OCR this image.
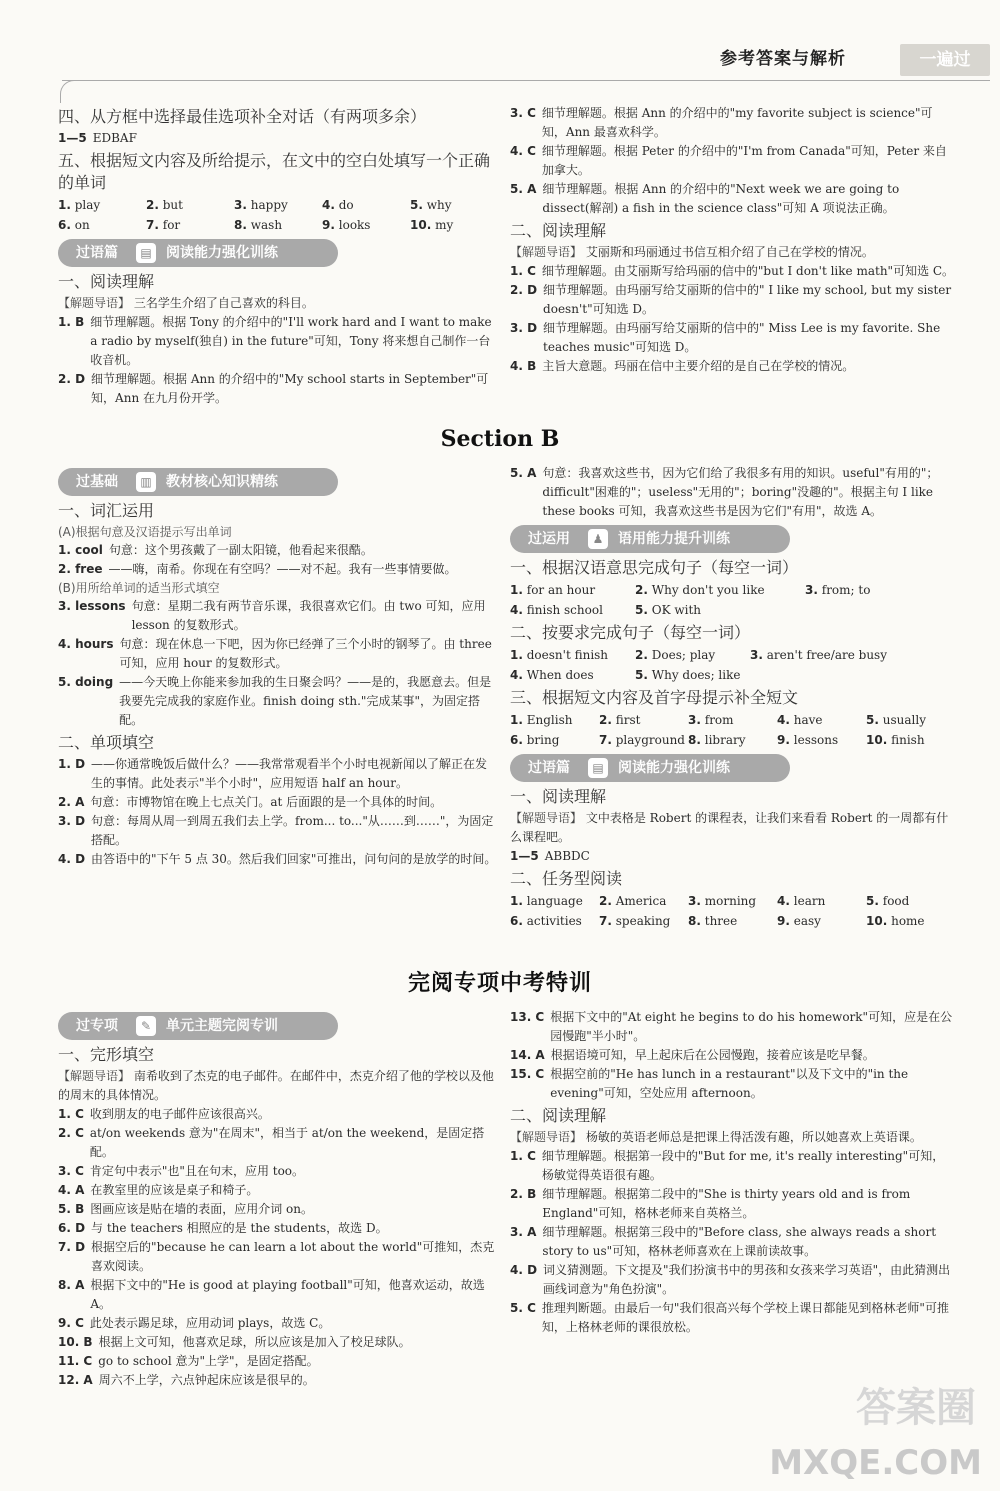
参考答案与解析	一遍过

四、从方框中选择最佳选项补全对话（有两项多余）

1—5 EDBAF

五、根据短文内容及所给提示，在文中的空白处填写一个正确的单词

1. play	2. but	3. happy	4. do	5. why
6. on	7. for	8. wash	9. looks	10. my
过语篇	▤	阅读能力强化训练

一、阅读理解

【解题导语】 三名学生介绍了自己喜欢的科目。

1. B 细节理解题。根据 Tony 的介绍中的"I'll work hard and I want to make a radio by myself(独自) in the future"可知，Tony 将来想自己制作一台收音机。
2. D 细节理解题。根据 Ann 的介绍中的"My school starts in September"可知，Ann 在九月份开学。
3. C 细节理解题。根据 Ann 的介绍中的"my favorite subject is science"可知，Ann 最喜欢科学。
4. C 细节理解题。根据 Peter 的介绍中的"I'm from Canada"可知，Peter 来自加拿大。
5. A 细节理解题。根据 Ann 的介绍中的"Next week we are going to dissect(解剖) a fish in the science class"可知 A 项说法正确。

二、阅读理解

【解题导语】 艾丽斯和玛丽通过书信互相介绍了自己在学校的情况。

1. C 细节理解题。由艾丽斯写给玛丽的信中的"but I don't like math"可知选 C。
2. D 细节理解题。由玛丽写给艾丽斯的信中的" I like my school, but my sister doesn't"可知选 D。
3. D 细节理解题。由玛丽写给艾丽斯的信中的" Miss Lee is my favorite. She teaches music"可知选 D。
4. B 主旨大意题。玛丽在信中主要介绍的是自己在学校的情况。
Section B
过基础	▥	教材核心知识精练

一、词汇运用

(A)根据句意及汉语提示写出单词

1. cool 句意：这个男孩戴了一副太阳镜，他看起来很酷。
2. free ——嗨，南希。你现在有空吗？——对不起。我有一些事情要做。

(B)用所给单词的适当形式填空

3. lessons 句意：星期二我有两节音乐课，我很喜欢它们。由 two 可知，应用 lesson 的复数形式。
4. hours 句意：现在休息一下吧，因为你已经弹了三个小时的钢琴了。由 three 可知，应用 hour 的复数形式。
5. doing ——今天晚上你能来参加我的生日聚会吗？——是的，我愿意去。但是我要先完成我的家庭作业。finish doing sth."完成某事"，为固定搭配。

二、单项填空

1. D ——你通常晚饭后做什么？——我常常观看半个小时电视新闻以了解正在发生的事情。此处表示"半个小时"，应用短语 half an hour。
2. A 句意：市博物馆在晚上七点关门。at 后面跟的是一个具体的时间。
3. D 句意：每周从周一到周五我们去上学。from... to..."从……到……"，为固定搭配。
4. D 由答语中的"下午 5 点 30。然后我们回家"可推出，问句问的是放学的时间。
5. A 句意：我喜欢这些书，因为它们给了我很多有用的知识。useful"有用的"；difficult"困难的"；useless"无用的"；boring"没趣的"。根据主句 I like these books 可知，我喜欢这些书是因为它们"有用"，故选 A。
过运用	♟	语用能力提升训练

一、根据汉语意思完成句子（每空一词）

1. for an hour	2. Why don't you like	3. from; to
4. finish school	5. OK with

二、按要求完成句子（每空一词）

1. doesn't finish	2. Does; play	3. aren't free/are busy
4. When does	5. Why does; like

三、根据短文内容及首字母提示补全短文

1. English	2. first	3. from	4. have	5. usually
6. bring	7. playground 8. library	9. lessons	10. finish
过语篇	▤	阅读能力强化训练

一、阅读理解

【解题导语】 文中表格是 Robert 的课程表，让我们来看看 Robert 的一周都有什么课程吧。

1—5 ABBDC

二、任务型阅读

1. language	2. America	3. morning	4. learn	5. food
6. activities	7. speaking	8. three	9. easy	10. home
完阅专项中考特训
过专项	✎	单元主题完阅专训

一、完形填空

【解题导语】 南希收到了杰克的电子邮件。在邮件中，杰克介绍了他的学校以及他的周末的具体情况。

1. C 收到朋友的电子邮件应该很高兴。
2. C at/on weekends 意为"在周末"，相当于 at/on the weekend，是固定搭配。
3. C 肯定句中表示"也"且在句末，应用 too。
4. A 在教室里的应该是桌子和椅子。
5. B 图画应该是贴在墙的表面，应用介词 on。
6. D 与 the teachers 相照应的是 the students，故选 D。
7. D 根据空后的"because he can learn a lot about the world"可推知，杰克喜欢阅读。
8. A 根据下文中的"He is good at playing football"可知，他喜欢运动，故选 A。
9. C 此处表示踢足球，应用动词 plays，故选 C。
10. B 根据上文可知，他喜欢足球，所以应该是加入了校足球队。
11. C go to school 意为"上学"，是固定搭配。
12. A 周六不上学，六点钟起床应该是很早的。
13. C 根据下文中的"At eight he begins to do his homework"可知，应是在公园慢跑"半小时"。
14. A 根据语境可知，早上起床后在公园慢跑，接着应该是吃早餐。
15. C 根据空前的"He has lunch in a restaurant"以及下文中的"in the evening"可知，空处应用 afternoon。

二、阅读理解

【解题导语】 杨敏的英语老师总是把课上得活泼有趣，所以她喜欢上英语课。

1. C 细节理解题。根据第一段中的"But for me, it's really interesting"可知，杨敏觉得英语很有趣。
2. B 细节理解题。根据第二段中的"She is thirty years old and is from England"可知，格林老师来自英格兰。
3. A 细节理解题。根据第三段中的"Before class, she always reads a short story to us"可知，格林老师喜欢在上课前读故事。
4. D 词义猜测题。下文提及"我们扮演书中的男孩和女孩来学习英语"，由此猜测出画线词意为"角色扮演"。
5. C 推理判断题。由最后一句"我们很高兴每个学校上课日都能见到格林老师"可推知，上格林老师的课很放松。
答案圈
MXQE.COM
